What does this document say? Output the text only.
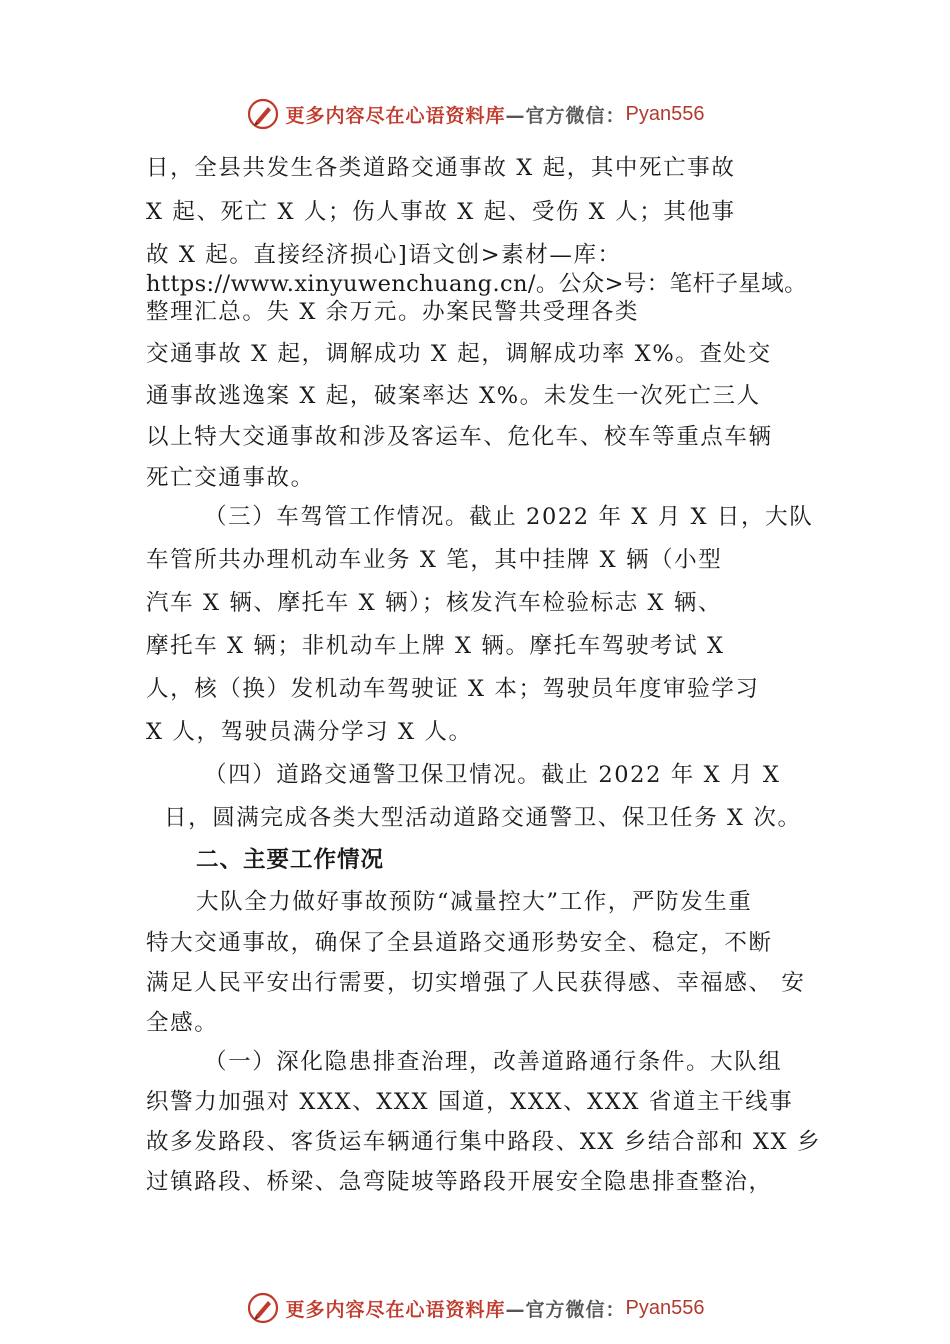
更多内容尽在心语资料库 —官方微信： Pyan556
日，全县共发生各类道路交通事故 X 起，其中死亡事故
X 起、死亡 X 人；伤人事故 X 起、受伤 X 人；其他事
故 X 起。直接经济损心]语文创>素材—库：
https://www.xinyuwenchuang.cn/。公众>号：笔杆子星域。
整理汇总。失 X 余万元。办案民警共受理各类
交通事故 X 起，调解成功 X 起，调解成功率 X%。查处交
通事故逃逸案 X 起，破案率达 X%。未发生一次死亡三人
以上特大交通事故和涉及客运车、危化车、校车等重点车辆
死亡交通事故。
（三）车驾管工作情况。截止 2022 年 X 月 X 日，大队
车管所共办理机动车业务 X 笔，其中挂牌 X 辆（小型
汽车 X 辆、摩托车 X 辆）；核发汽车检验标志 X 辆、
摩托车 X 辆；非机动车上牌 X 辆。摩托车驾驶考试 X
人，核（换）发机动车驾驶证 X 本；驾驶员年度审验学习
X 人，驾驶员满分学习 X 人。
（四）道路交通警卫保卫情况。截止 2022 年 X 月 X
日，圆满完成各类大型活动道路交通警卫、保卫任务 X 次。
二、主要工作情况
大队全力做好事故预防“减量控大”工作，严防发生重
特大交通事故，确保了全县道路交通形势安全、稳定，不断
满足人民平安出行需要，切实增强了人民获得感、幸福感、 安
全感。
（一）深化隐患排查治理，改善道路通行条件。大队组
织警力加强对 XXX、XXX 国道，XXX、XXX 省道主干线事
故多发路段、客货运车辆通行集中路段、XX 乡结合部和 XX 乡
过镇路段、桥梁、急弯陡坡等路段开展安全隐患排查整治，
更多内容尽在心语资料库 —官方微信： Pyan556
